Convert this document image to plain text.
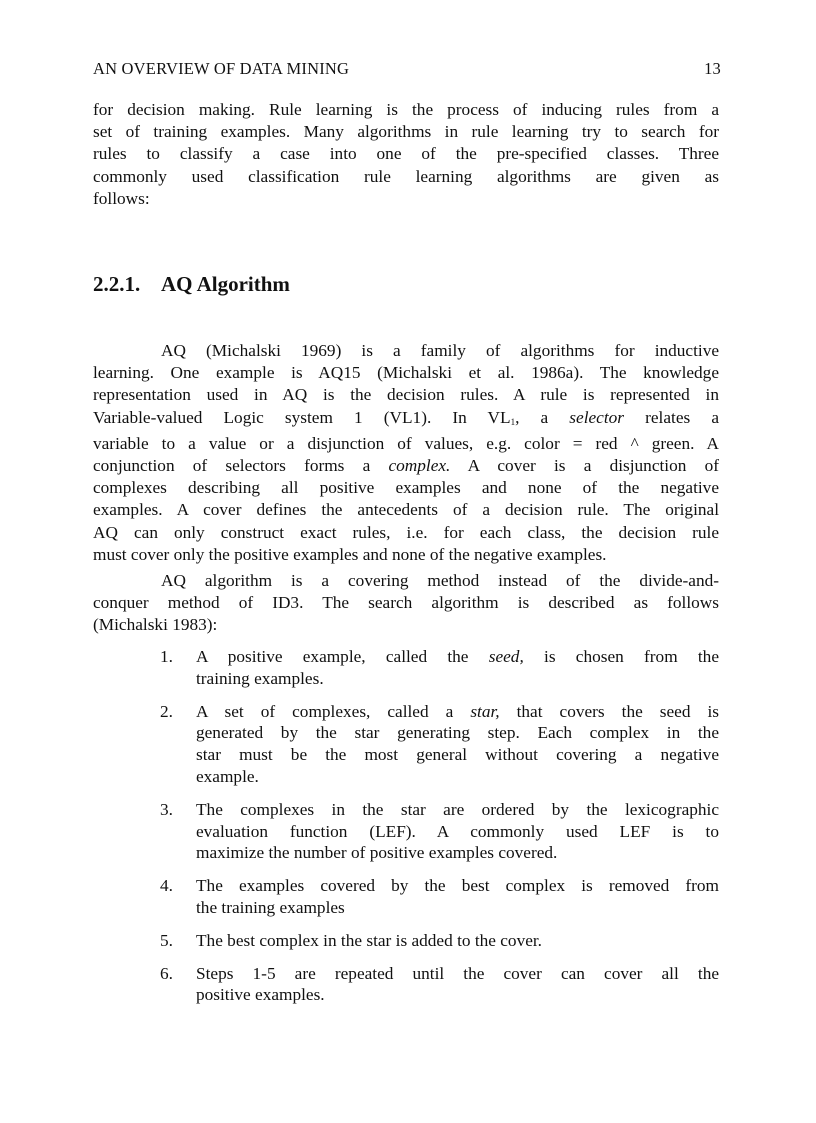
AN OVERVIEW OF DATA MINING	13

for decision making. Rule learning is the process of inducing rules from a
set of training examples. Many algorithms in rule learning try to search for
rules to classify a case into one of the pre-specified classes. Three
commonly used classification rule learning algorithms are given as
follows:

2.2.1. AQ Algorithm

AQ (Michalski 1969) is a family of algorithms for inductive
learning. One example is AQ15 (Michalski et al. 1986a). The knowledge
representation used in AQ is the decision rules. A rule is represented in
Variable-valued Logic system 1 (VL1). In $VL_1$, a selector relates a
variable to a value or a disjunction of values, e.g. color = red ^ green. A
conjunction of selectors forms a complex. A cover is a disjunction of
complexes describing all positive examples and none of the negative
examples. A cover defines the antecedents of a decision rule. The original
AQ can only construct exact rules, i.e. for each class, the decision rule
must cover only the positive examples and none of the negative examples.

AQ algorithm is a covering method instead of the divide-and-
conquer method of ID3. The search algorithm is described as follows
(Michalski 1983):

1. A positive example, called the seed, is chosen from the
training examples.
2. A set of complexes, called a star, that covers the seed is
generated by the star generating step. Each complex in the
star must be the most general without covering a negative
example.
3. The complexes in the star are ordered by the lexicographic
evaluation function (LEF). A commonly used LEF is to
maximize the number of positive examples covered.
4. The examples covered by the best complex is removed from
the training examples
5. The best complex in the star is added to the cover.
6. Steps 1-5 are repeated until the cover can cover all the
positive examples.
